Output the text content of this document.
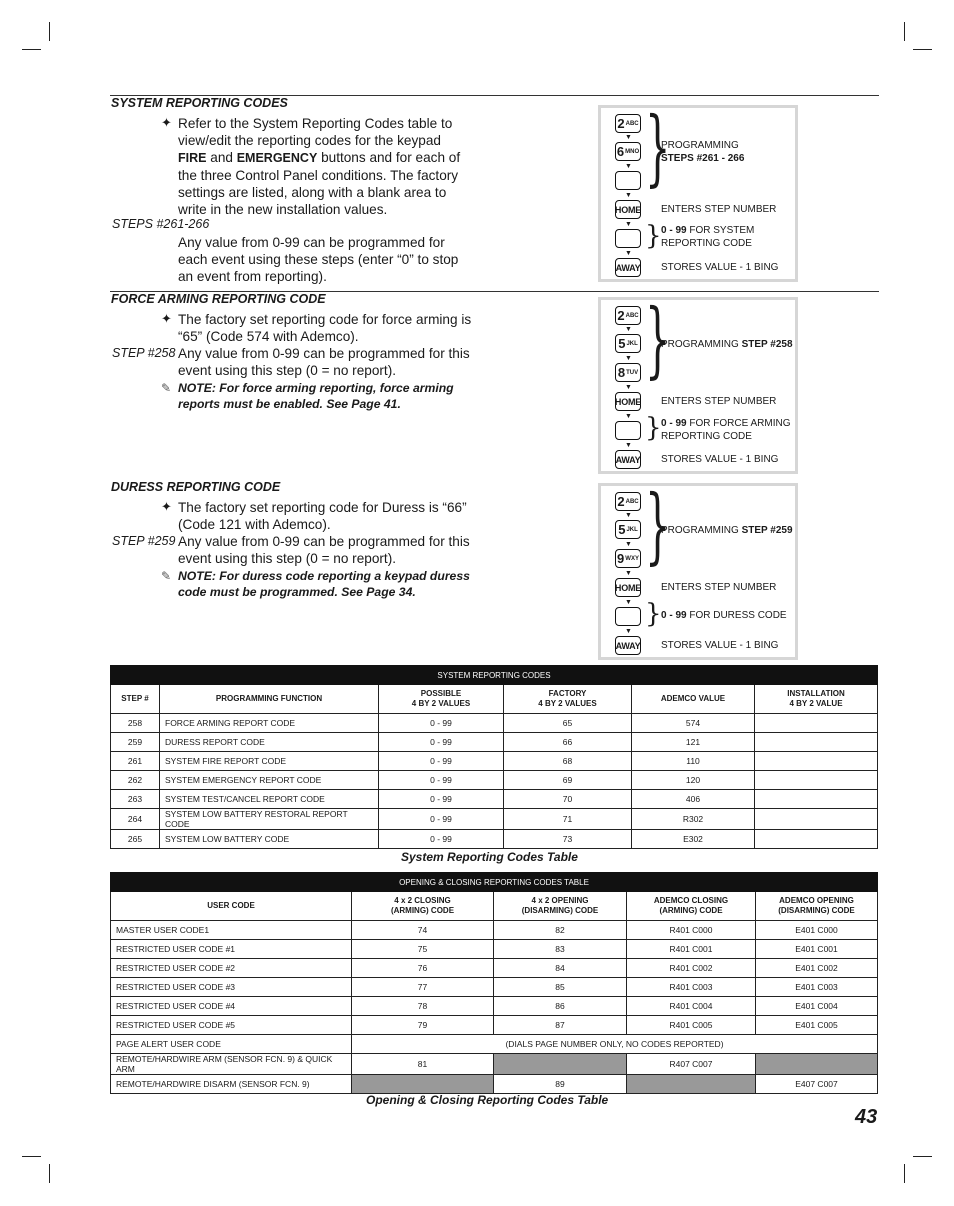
SYSTEM REPORTING CODES
✦ Refer to the System Reporting Codes table to
view/edit the reporting codes for the keypad
FIRE and EMERGENCY buttons and for each of
the three Control Panel conditions. The factory
settings are listed, along with a blank area to
write in the new installation values.
STEPS #261-266
Any value from 0-99 can be programmed for
each event using these steps (enter “0” to stop
an event from reporting).
2 ABC
▼
6 MNO
▼
▼
HOME
▼
▼
AWAY
}
}
PROGRAMMING
STEPS #261 - 266
ENTERS STEP NUMBER
0 - 99 FOR SYSTEM REPORTING CODE
STORES VALUE - 1 BING
FORCE ARMING REPORTING CODE
✦ The factory set reporting code for force arming is
“65” (Code 574 with Ademco).
STEP #258 Any value from 0-99 can be programmed for this
event using this step (0 = no report).
✎ NOTE: For force arming reporting, force arming reports must be enabled. See Page 41.
2 ABC
▼
5 JKL
▼
8 TUV
▼
HOME
▼
▼
AWAY
}
}
PROGRAMMING STEP #258
ENTERS STEP NUMBER
0 - 99 FOR FORCE ARMING REPORTING CODE
STORES VALUE - 1 BING
DURESS REPORTING CODE
✦ The factory set reporting code for Duress is “66”
(Code 121 with Ademco).
STEP #259 Any value from 0-99 can be programmed for this
event using this step (0 = no report).
✎ NOTE: For duress code reporting a keypad duress code must be programmed. See Page 34.
2 ABC
▼
5 JKL
▼
9 WXY
▼
HOME
▼
▼
AWAY
}
}
PROGRAMMING STEP #259
ENTERS STEP NUMBER
0 - 99 FOR DURESS CODE
STORES VALUE - 1 BING
SYSTEM REPORTING CODES					
STEP #	PROGRAMMING FUNCTION	POSSIBLE
4 BY 2 VALUES	FACTORY
4 BY 2 VALUES	ADEMCO VALUE	INSTALLATION
4 BY 2 VALUE
258	FORCE ARMING REPORT CODE	0 - 99	65	574	
259	DURESS REPORT CODE	0 - 99	66	121	
261	SYSTEM FIRE REPORT CODE	0 - 99	68	110	
262	SYSTEM EMERGENCY REPORT CODE	0 - 99	69	120	
263	SYSTEM TEST/CANCEL REPORT CODE	0 - 99	70	406	
264	SYSTEM LOW BATTERY RESTORAL REPORT CODE	0 - 99	71	R302	
265	SYSTEM LOW BATTERY CODE	0 - 99	73	E302	
System Reporting Codes Table
OPENING & CLOSING REPORTING CODES TABLE				
USER CODE	4 x 2 CLOSING
(ARMING) CODE	4 x 2 OPENING
(DISARMING) CODE	ADEMCO CLOSING
(ARMING) CODE	ADEMCO OPENING
(DISARMING) CODE
MASTER USER CODE1	74	82	R401 C000	E401 C000
RESTRICTED USER CODE #1	75	83	R401 C001	E401 C001
RESTRICTED USER CODE #2	76	84	R401 C002	E401 C002
RESTRICTED USER CODE #3	77	85	R401 C003	E401 C003
RESTRICTED USER CODE #4	78	86	R401 C004	E401 C004
RESTRICTED USER CODE #5	79	87	R401 C005	E401 C005
PAGE ALERT USER CODE	(DIALS PAGE NUMBER ONLY, NO CODES REPORTED)			
REMOTE/HARDWIRE ARM (SENSOR FCN. 9) & QUICK ARM	81		R407 C007	
REMOTE/HARDWIRE DISARM (SENSOR FCN. 9)		89		E407 C007
Opening & Closing Reporting Codes Table
43
